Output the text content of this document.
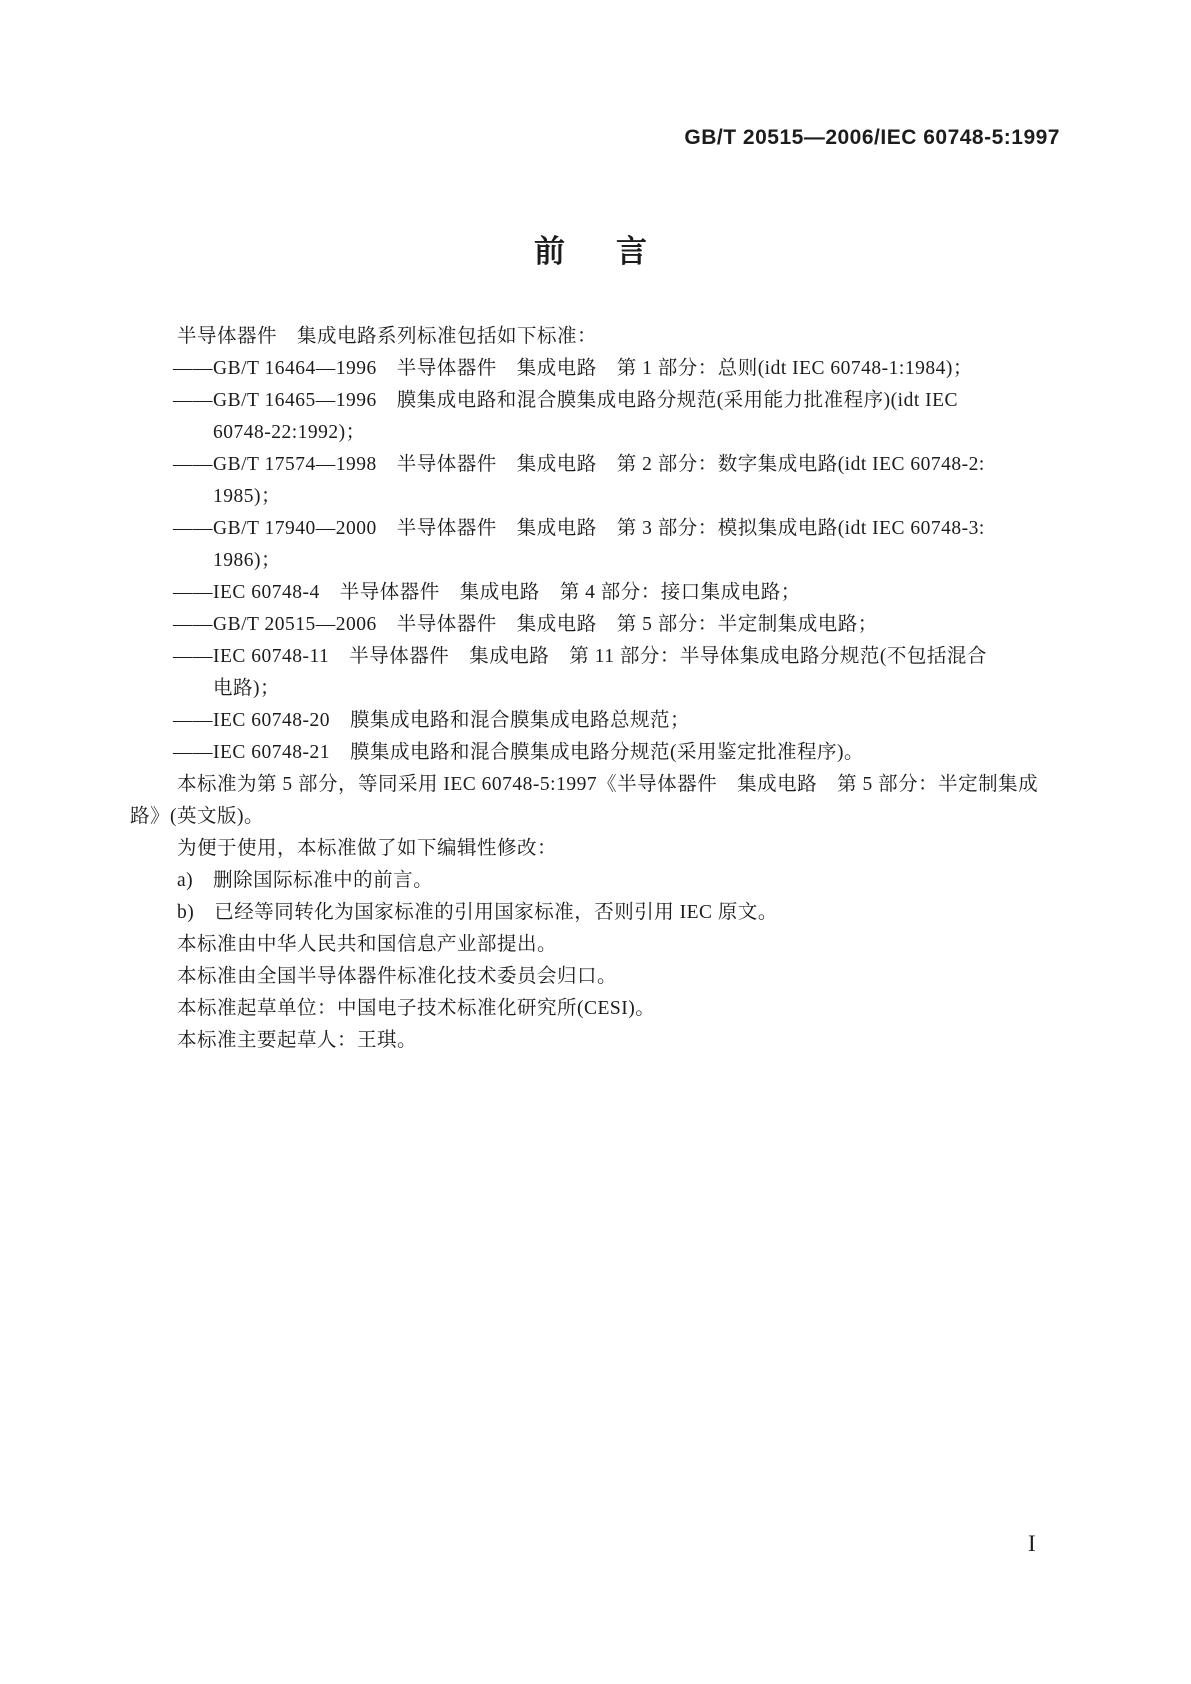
GB/T 20515—2006/IEC 60748-5:1997
前　言
半导体器件　集成电路系列标准包括如下标准：
——GB/T 16464—1996　半导体器件　集成电路　第 1 部分：总则(idt IEC 60748-1:1984)；
——GB/T 16465—1996　膜集成电路和混合膜集成电路分规范(采用能力批准程序)(idt IEC
60748-22:1992)；
——GB/T 17574—1998　半导体器件　集成电路　第 2 部分：数字集成电路(idt IEC 60748-2:
1985)；
——GB/T 17940—2000　半导体器件　集成电路　第 3 部分：模拟集成电路(idt IEC 60748-3:
1986)；
——IEC 60748-4　半导体器件　集成电路　第 4 部分：接口集成电路；
——GB/T 20515—2006　半导体器件　集成电路　第 5 部分：半定制集成电路；
——IEC 60748-11　半导体器件　集成电路　第 11 部分：半导体集成电路分规范(不包括混合
电路)；
——IEC 60748-20　膜集成电路和混合膜集成电路总规范；
——IEC 60748-21　膜集成电路和混合膜集成电路分规范(采用鉴定批准程序)。
本标准为第 5 部分，等同采用 IEC 60748-5:1997《半导体器件　集成电路　第 5 部分：半定制集成
路》(英文版)。
为便于使用，本标准做了如下编辑性修改：
a)　删除国际标准中的前言。
b)　已经等同转化为国家标准的引用国家标准，否则引用 IEC 原文。
本标准由中华人民共和国信息产业部提出。
本标准由全国半导体器件标准化技术委员会归口。
本标准起草单位：中国电子技术标准化研究所(CESI)。
本标准主要起草人：王琪。
I
